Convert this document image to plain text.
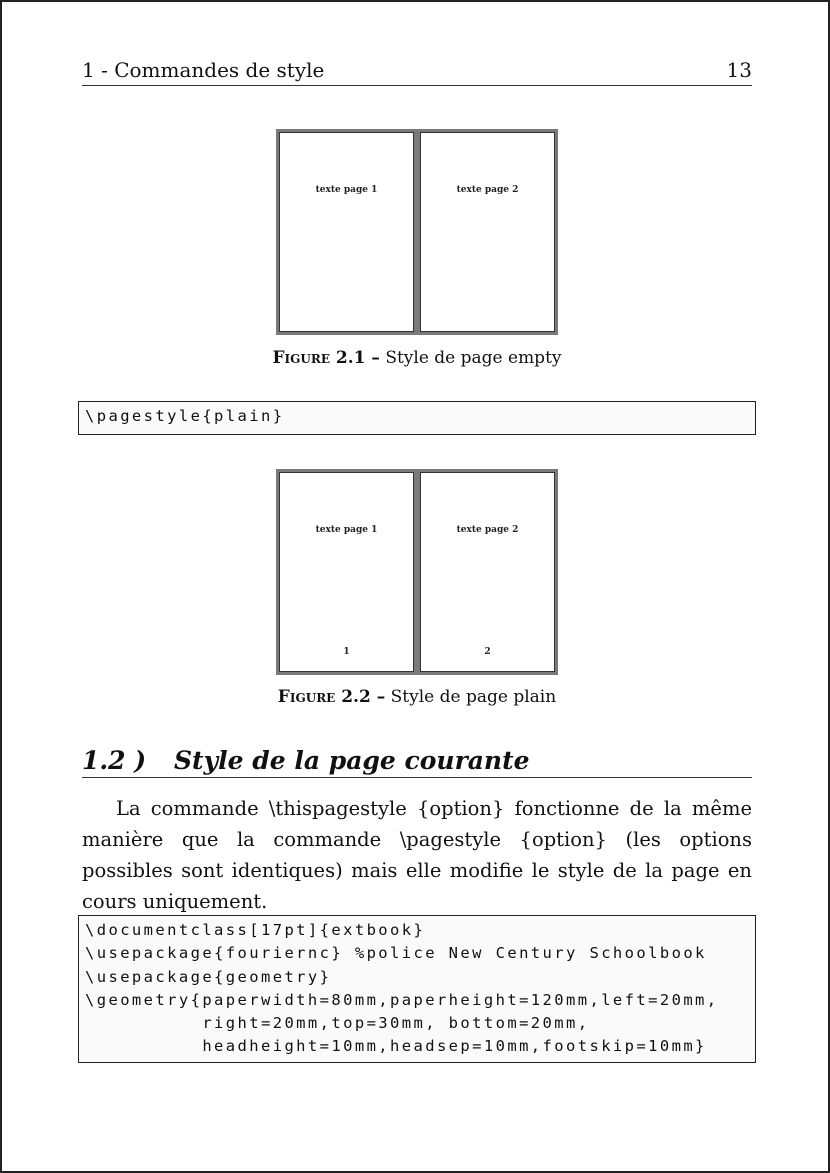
1 - Commandes de style	13
texte page 1	texte page 2
Figure 2.1 – Style de page empty
\pagestyle{plain}
texte page 1
1
texte page 2
2
Figure 2.2 – Style de page plain
1.2 ) Style de la page courante

La commande \thispagestyle {option} fonctionne de la même manière que la commande \pagestyle {option} (les options possibles sont identiques) mais elle modifie le style de la page en cours uniquement.

\documentclass[17pt]{extbook}
\usepackage{fouriernc} %police New Century Schoolbook
\usepackage{geometry}
\geometry{paperwidth=80mm,paperheight=120mm,left=20mm,
right=20mm,top=30mm, bottom=20mm,
headheight=10mm,headsep=10mm,footskip=10mm}
